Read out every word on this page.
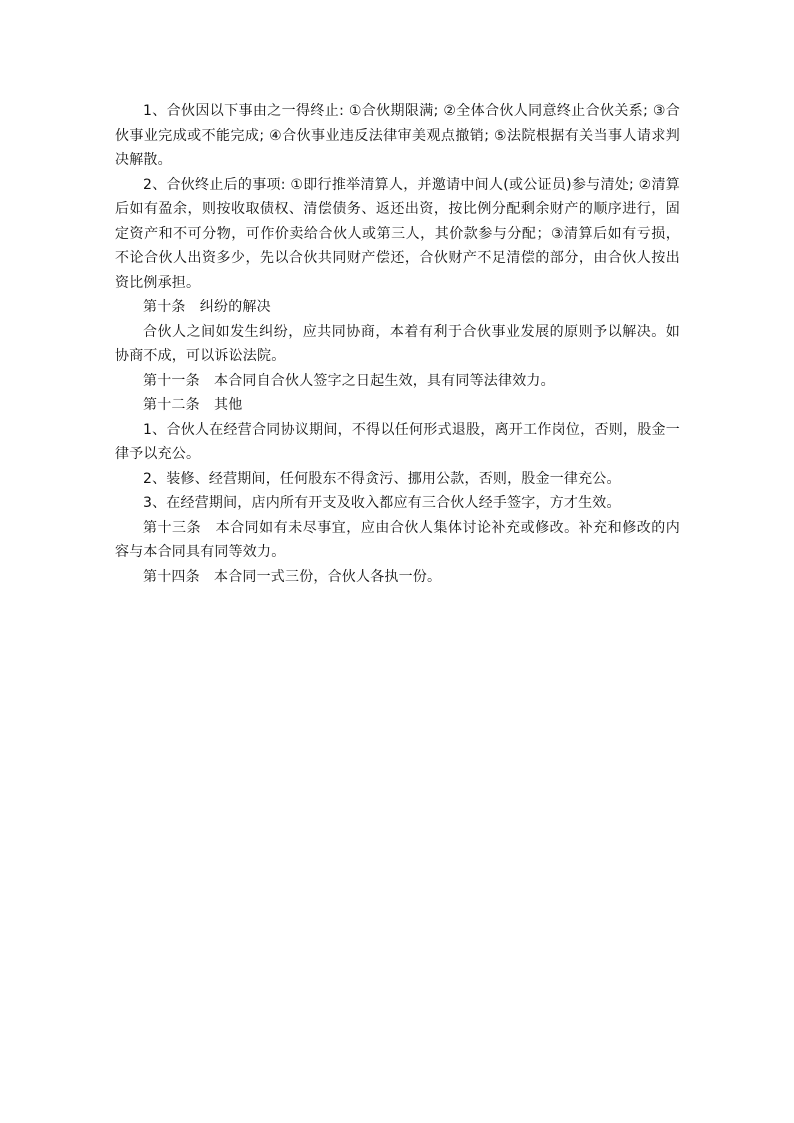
1、合伙因以下事由之一得终止: ①合伙期限满; ②全体合伙人同意终止合伙关系; ③合伙事业完成或不能完成; ④合伙事业违反法律审美观点撤销; ⑤法院根据有关当事人请求判决解散。

2、合伙终止后的事项: ①即行推举清算人，并邀请中间人(或公证员)参与清处; ②清算后如有盈余，则按收取债权、清偿债务、返还出资，按比例分配剩余财产的顺序进行，固定资产和不可分物，可作价卖给合伙人或第三人，其价款参与分配；③清算后如有亏损，不论合伙人出资多少，先以合伙共同财产偿还，合伙财产不足清偿的部分，由合伙人按出资比例承担。

第十条　纠纷的解决

合伙人之间如发生纠纷，应共同协商，本着有利于合伙事业发展的原则予以解决。如协商不成，可以诉讼法院。

第十一条　本合同自合伙人签字之日起生效，具有同等法律效力。

第十二条　其他

1、合伙人在经营合同协议期间，不得以任何形式退股，离开工作岗位，否则，股金一律予以充公。

2、装修、经营期间，任何股东不得贪污、挪用公款，否则，股金一律充公。

3、在经营期间，店内所有开支及收入都应有三合伙人经手签字，方才生效。

第十三条　本合同如有未尽事宜，应由合伙人集体讨论补充或修改。补充和修改的内容与本合同具有同等效力。

第十四条　本合同一式三份，合伙人各执一份。
